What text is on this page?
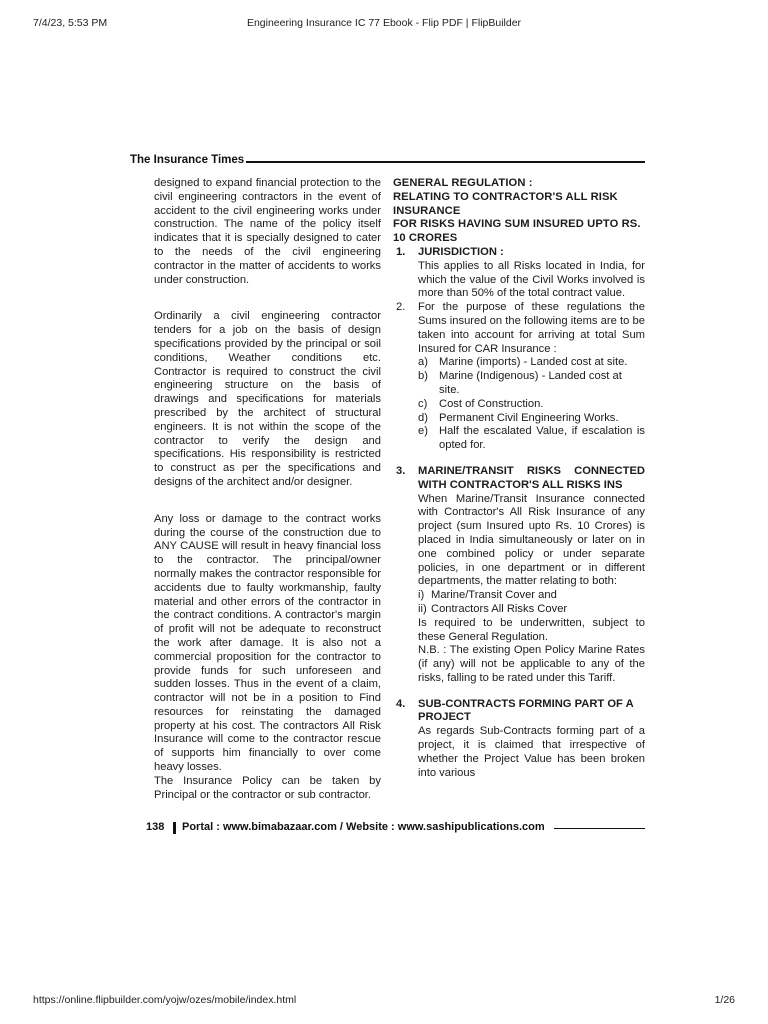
7/4/23, 5:53 PM	Engineering Insurance IC 77 Ebook - Flip PDF | FlipBuilder
The Insurance Times

designed to expand financial protection to the civil engineering contractors in the event of accident to the civil engineering works under construction. The name of the policy itself indicates that it is specially designed to cater to the needs of the civil engineering contractor in the matter of accidents to works under construction.

Ordinarily a civil engineering contractor tenders for a job on the basis of design specifications provided by the principal or soil conditions, Weather conditions etc. Contractor is required to construct the civil engineering structure on the basis of drawings and specifications for materials prescribed by the architect of structural engineers. It is not within the scope of the contractor to verify the design and specifications. His responsibility is restricted to construct as per the specifications and designs of the architect and/or designer.

Any loss or damage to the contract works during the course of the construction due to ANY CAUSE will result in heavy financial loss to the contractor. The principal/owner normally makes the contractor responsible for accidents due to faulty workmanship, faulty material and other errors of the contractor in the contract conditions. A contractor's margin of profit will not be adequate to reconstruct the work after damage. It is also not a commercial proposition for the contractor to provide funds for such unforeseen and sudden losses. Thus in the event of a claim, contractor will not be in a position to Find resources for reinstating the damaged property at his cost. The contractors All Risk Insurance will come to the contractor rescue of supports him financially to over come heavy losses.

The Insurance Policy can be taken by Principal or the contractor or sub contractor.

GENERAL REGULATION :

RELATING TO CONTRACTOR'S ALL RISK INSURANCE

FOR RISKS HAVING SUM INSURED UPTO RS. 10 CRORES

1. JURISDICTION :

This applies to all Risks located in India, for which the value of the Civil Works involved is more than 50% of the total contract value.

2. For the purpose of these regulations the Sums insured on the following items are to be taken into account for arriving at total Sum Insured for CAR Insurance :

a) Marine (imports) - Landed cost at site.

b) Marine (Indigenous) - Landed cost at site.

c) Cost of Construction.

d) Permanent Civil Engineering Works.

e) Half the escalated Value, if escalation is opted for.

3. MARINE/TRANSIT RISKS CONNECTED WITH CONTRACTOR'S ALL RISKS INS

When Marine/Transit Insurance connected with Contractor's All Risk Insurance of any project (sum Insured upto Rs. 10 Crores) is placed in India simultaneously or later on in one combined policy or under separate policies, in one department or in different departments, the matter relating to both:

i) Marine/Transit Cover and

ii) Contractors All Risks Cover

Is required to be underwritten, subject to these General Regulation.

N.B. : The existing Open Policy Marine Rates (if any) will not be applicable to any of the risks, falling to be rated under this Tariff.

4. SUB-CONTRACTS FORMING PART OF A PROJECT

As regards Sub-Contracts forming part of a project, it is claimed that irrespective of whether the Project Value has been broken into various

138 Portal : www.bimabazaar.com / Website : www.sashipublications.com
https://online.flipbuilder.com/yojw/ozes/mobile/index.html	1/26
